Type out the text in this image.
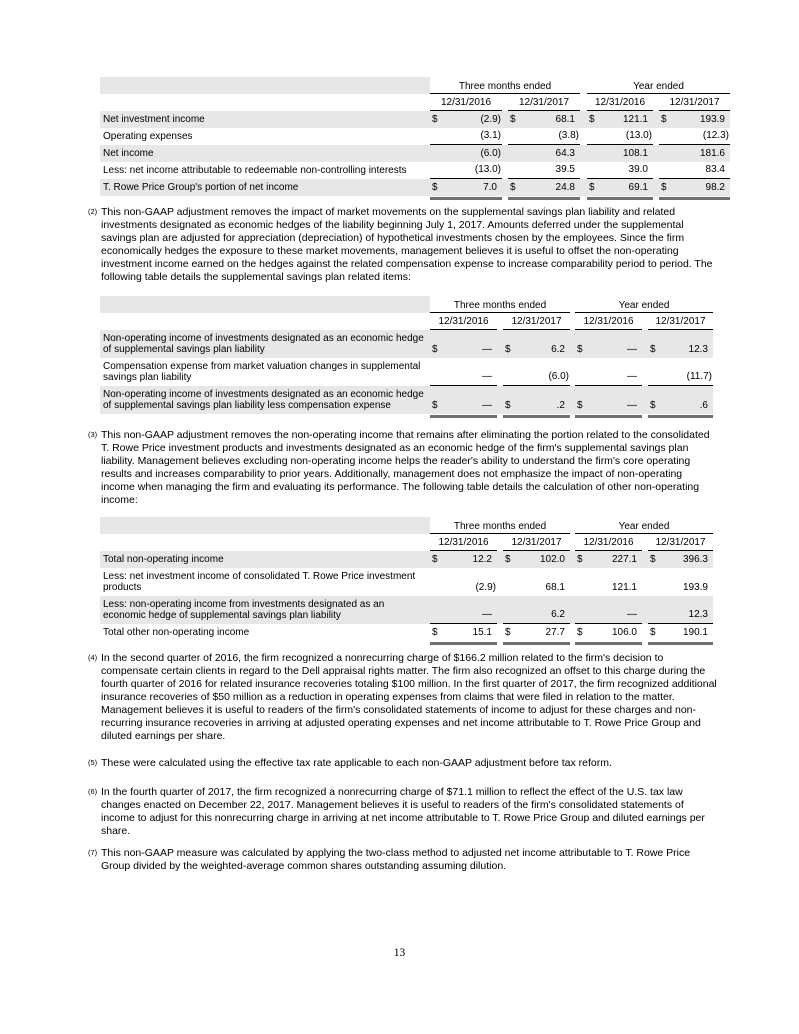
Three months ended	Year ended
12/31/2016	12/31/2017	12/31/2016	12/31/2017
Net investment income	$	(2.9) $	68.1	$	121.1	$	193.9
Operating expenses	(3.1)	(3.8)	(13.0)	(12.3)
Net income	(6.0)	64.3	108.1	181.6
Less: net income attributable to redeemable non-controlling interests	(13.0)	39.5	39.0	83.4
T. Rowe Price Group's portion of net income	$	7.0	$	24.8	$	69.1	$	98.2
(2) This non-GAAP adjustment removes the impact of market movements on the supplemental savings plan liability and related investments designated as economic hedges of the liability beginning July 1, 2017. Amounts deferred under the supplemental savings plan are adjusted for appreciation (depreciation) of hypothetical investments chosen by the employees. Since the firm economically hedges the exposure to these market movements, management believes it is useful to offset the non-operating investment income earned on the hedges against the related compensation expense to increase comparability period to period. The following table details the supplemental savings plan related items:
Three months ended	Year ended
12/31/2016	12/31/2017	12/31/2016	12/31/2017
Non-operating income of investments designated as an economic hedge of supplemental savings plan liability	$	—	$	6.2	$	—	$	12.3
Compensation expense from market valuation changes in supplemental savings plan liability	—	(6.0)	—	(11.7)
Non-operating income of investments designated as an economic hedge of supplemental savings plan liability less compensation expense	$	—	$	.2	$	—	$	.6
(3) This non-GAAP adjustment removes the non-operating income that remains after eliminating the portion related to the consolidated T. Rowe Price investment products and investments designated as an economic hedge of the firm's supplemental savings plan liability. Management believes excluding non-operating income helps the reader's ability to understand the firm's core operating results and increases comparability to prior years. Additionally, management does not emphasize the impact of non-operating income when managing the firm and evaluating its performance. The following table details the calculation of other non-operating income:
Three months ended	Year ended
12/31/2016	12/31/2017	12/31/2016	12/31/2017
Total non-operating income	$	12.2	$	102.0	$	227.1	$	396.3
Less: net investment income of consolidated T. Rowe Price investment products	(2.9)	68.1	121.1	193.9
Less: non-operating income from investments designated as an economic hedge of supplemental savings plan liability	—	6.2	—	12.3
Total other non-operating income	$	15.1	$	27.7	$	106.0	$	190.1
(4) In the second quarter of 2016, the firm recognized a nonrecurring charge of $166.2 million related to the firm's decision to compensate certain clients in regard to the Dell appraisal rights matter. The firm also recognized an offset to this charge during the fourth quarter of 2016 for related insurance recoveries totaling $100 million. In the first quarter of 2017, the firm recognized additional insurance recoveries of $50 million as a reduction in operating expenses from claims that were filed in relation to the matter. Management believes it is useful to readers of the firm's consolidated statements of income to adjust for these charges and non-recurring insurance recoveries in arriving at adjusted operating expenses and net income attributable to T. Rowe Price Group and diluted earnings per share.
(5) These were calculated using the effective tax rate applicable to each non-GAAP adjustment before tax reform.
(6) In the fourth quarter of 2017, the firm recognized a nonrecurring charge of $71.1 million to reflect the effect of the U.S. tax law changes enacted on December 22, 2017. Management believes it is useful to readers of the firm's consolidated statements of income to adjust for this nonrecurring charge in arriving at net income attributable to T. Rowe Price Group and diluted earnings per share.
(7) This non-GAAP measure was calculated by applying the two-class method to adjusted net income attributable to T. Rowe Price Group divided by the weighted-average common shares outstanding assuming dilution.
13
